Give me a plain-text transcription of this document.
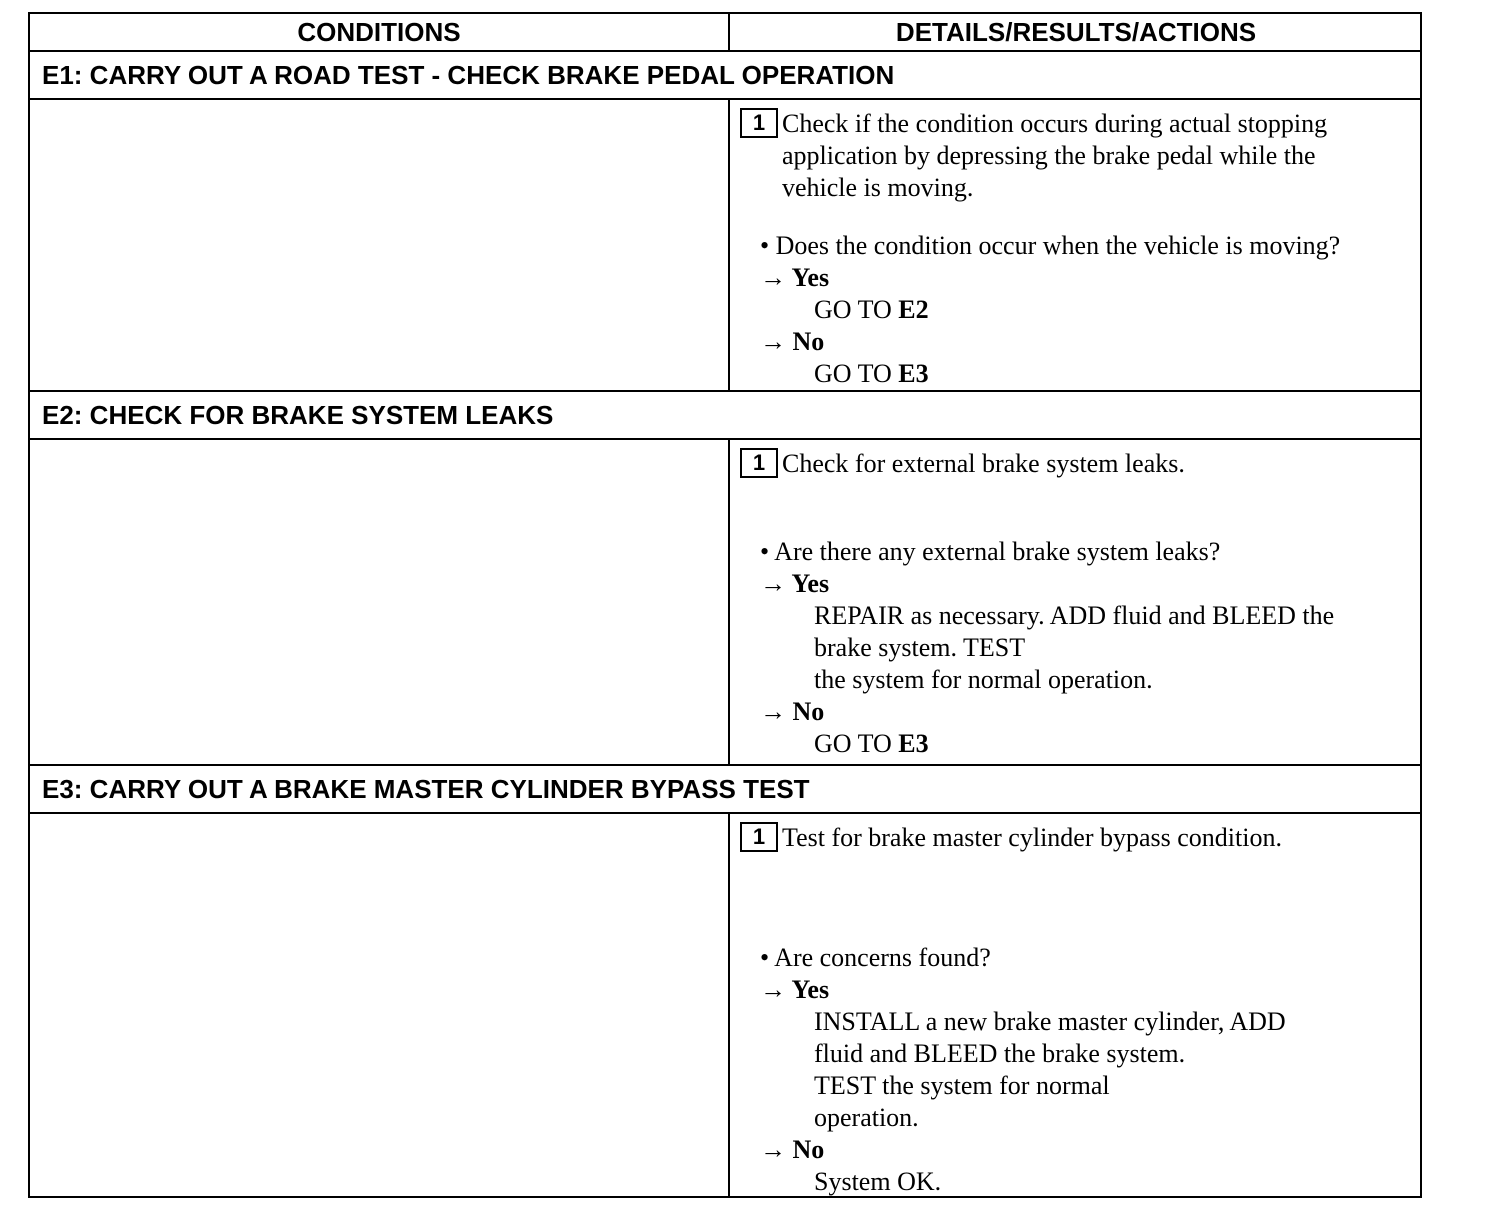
CONDITIONS	DETAILS/RESULTS/ACTIONS
E1: CARRY OUT A ROAD TEST - CHECK BRAKE PEDAL OPERATION
1 Check if the condition occurs during actual stopping
application by depressing the brake pedal while the
vehicle is moving.
• Does the condition occur when the vehicle is moving?
→ Yes
GO TO E2
→ No
GO TO E3
E2: CHECK FOR BRAKE SYSTEM LEAKS
1 Check for external brake system leaks.
• Are there any external brake system leaks?
→ Yes
REPAIR as necessary. ADD fluid and BLEED the
brake system. TEST
the system for normal operation.
→ No
GO TO E3
E3: CARRY OUT A BRAKE MASTER CYLINDER BYPASS TEST
1 Test for brake master cylinder bypass condition.
• Are concerns found?
→ Yes
INSTALL a new brake master cylinder, ADD
fluid and BLEED the brake system.
TEST the system for normal
operation.
→ No
System OK.
